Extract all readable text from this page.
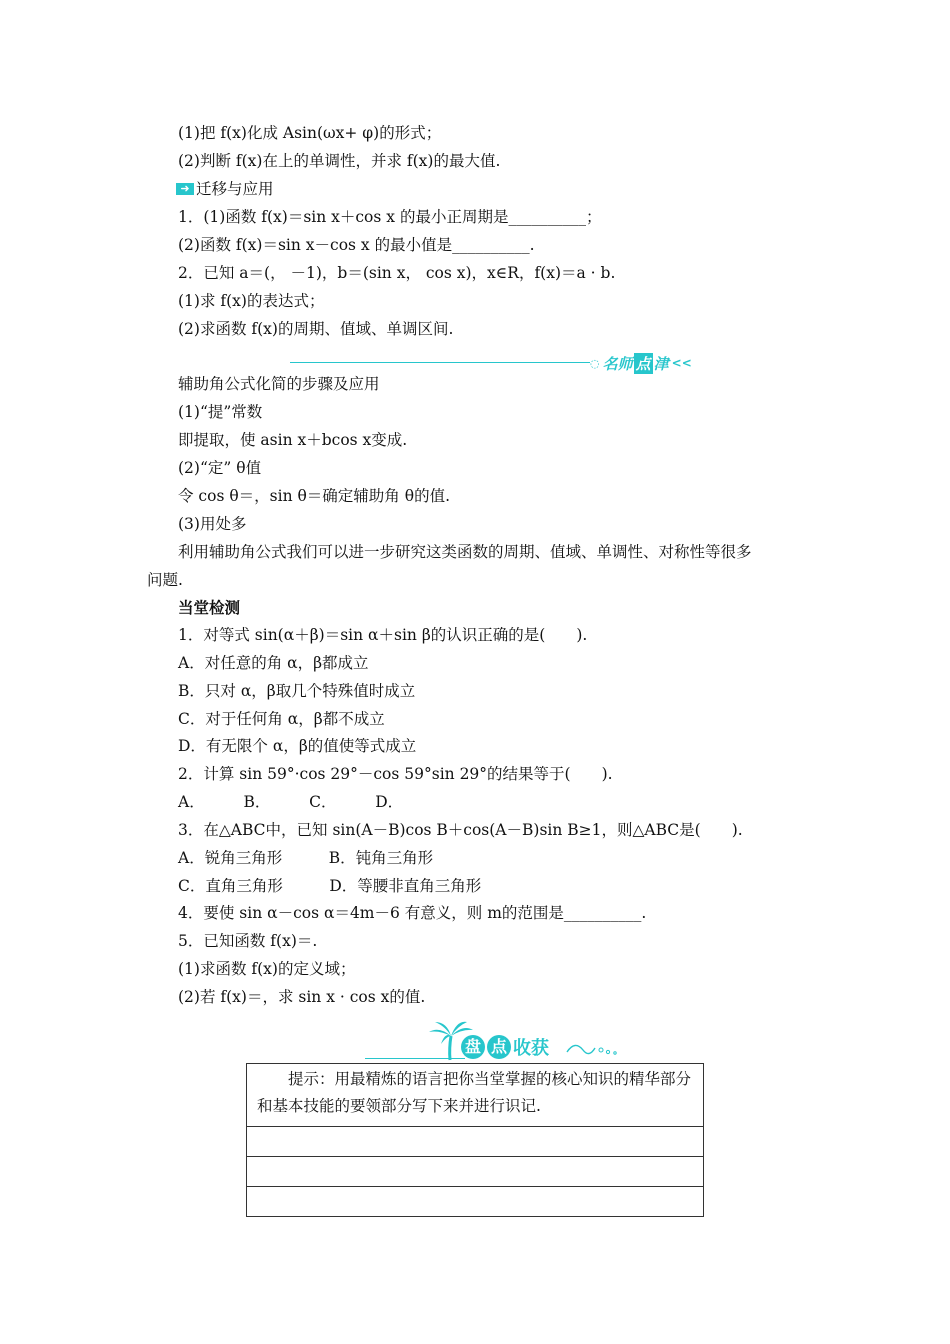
(1)把 f(x)化成 Asin(ωx+ φ)的形式；
(2)判断 f(x)在上的单调性，并求 f(x)的最大值.
➜ 迁移与应用
1．(1)函数 f(x)＝sin x＋cos x 的最小正周期是__________；
(2)函数 f(x)＝sin x－cos x 的最小值是__________.
2．已知 a＝(， －1)，b＝(sin x， cos x)，x∈R，f(x)＝a · b.
(1)求 f(x)的表达式；
(2)求函数 f(x)的周期、值域、单调区间.
◌ 名师 点 津 <<
辅助角公式化简的步骤及应用
(1)“提”常数
即提取，使 asin x＋bcos x变成.
(2)“定” θ值
令 cos θ＝，sin θ＝确定辅助角 θ的值.
(3)用处多
利用辅助角公式我们可以进一步研究这类函数的周期、值域、单调性、对称性等很多
问题.
当堂检测
1．对等式 sin(α＋β)＝sin α＋sin β的认识正确的是(　　).
A．对任意的角 α，β都成立
B．只对 α，β取几个特殊值时成立
C．对于任何角 α，β都不成立
D．有无限个 α，β的值使等式成立
2．计算 sin 59°·cos 29°－cos 59°sin 29°的结果等于(　　).
A．　　　B．　　　C．　　　D．
3．在△ABC中，已知 sin(A－B)cos B＋cos(A－B)sin B≥1，则△ABC是(　　).
A．锐角三角形　　　B．钝角三角形
C．直角三角形　　　D．等腰非直角三角形
4．要使 sin α－cos α＝4m－6 有意义，则 m的范围是__________.
5．已知函数 f(x)＝.
(1)求函数 f(x)的定义域；
(2)若 f(x)＝，求 sin x · cos x的值.
盘 点 收获
　　提示：用最精炼的语言把你当堂掌握的核心知识的精华部分和基本技能的要领部分写下来并进行识记.
